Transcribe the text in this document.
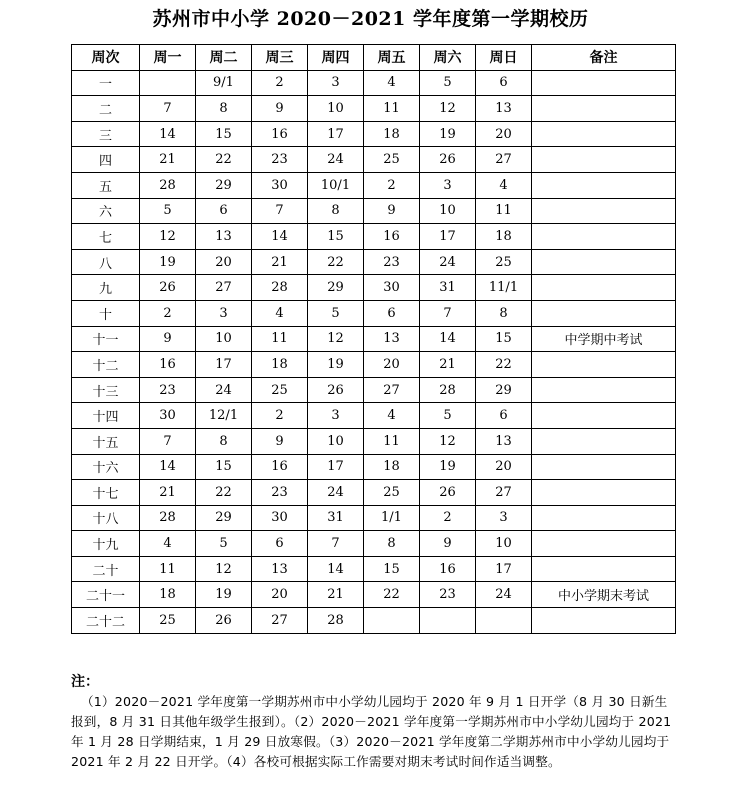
苏州市中小学 2020－2021 学年度第一学期校历
周次	周一	周二	周三	周四	周五	周六	周日	备注
一		9/1	2	3	4	5	6	
二	7	8	9	10	11	12	13	
三	14	15	16	17	18	19	20	
四	21	22	23	24	25	26	27	
五	28	29	30	10/1	2	3	4	
六	5	6	7	8	9	10	11	
七	12	13	14	15	16	17	18	
八	19	20	21	22	23	24	25	
九	26	27	28	29	30	31	11/1	
十	2	3	4	5	6	7	8	
十一	9	10	11	12	13	14	15	中学期中考试
十二	16	17	18	19	20	21	22	
十三	23	24	25	26	27	28	29	
十四	30	12/1	2	3	4	5	6	
十五	7	8	9	10	11	12	13	
十六	14	15	16	17	18	19	20	
十七	21	22	23	24	25	26	27	
十八	28	29	30	31	1/1	2	3	
十九	4	5	6	7	8	9	10	
二十	11	12	13	14	15	16	17	
二十一	18	19	20	21	22	23	24	中小学期末考试
二十二	25	26	27	28				
注：
（1）2020－2021 学年度第一学期苏州市中小学幼儿园均于 2020 年 9 月 1 日开学（8 月 30 日新生报到，8 月 31 日其他年级学生报到）。（2）2020－2021 学年度第一学期苏州市中小学幼儿园均于 2021 年 1 月 28 日学期结束，1 月 29 日放寒假。（3）2020－2021 学年度第二学期苏州市中小学幼儿园均于 2021 年 2 月 22 日开学。（4）各校可根据实际工作需要对期末考试时间作适当调整。
